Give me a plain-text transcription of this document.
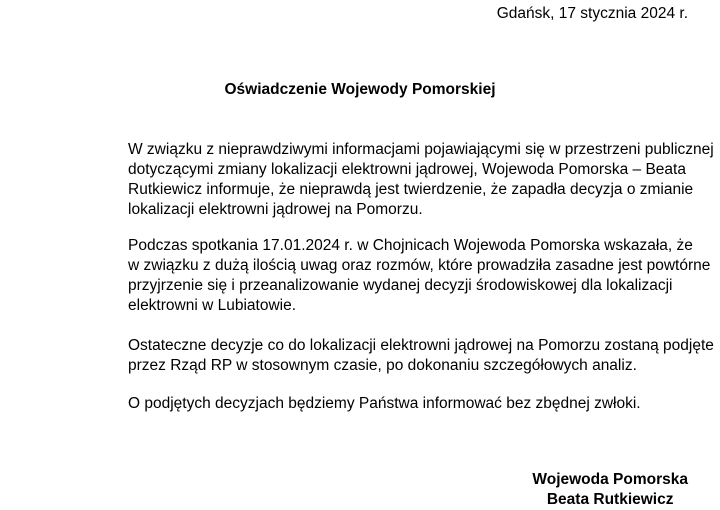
Gdańsk, 17 stycznia 2024 r.
Oświadczenie Wojewody Pomorskiej
W związku z nieprawdziwymi informacjami pojawiającymi się w przestrzeni publicznej
dotyczącymi zmiany lokalizacji elektrowni jądrowej, Wojewoda Pomorska – Beata
Rutkiewicz informuje, że nieprawdą jest twierdzenie, że zapadła decyzja o zmianie
lokalizacji elektrowni jądrowej na Pomorzu.
Podczas spotkania 17.01.2024 r. w Chojnicach Wojewoda Pomorska wskazała, że
w związku z dużą ilością uwag oraz rozmów, które prowadziła zasadne jest powtórne
przyjrzenie się i przeanalizowanie wydanej decyzji środowiskowej dla lokalizacji
elektrowni w Lubiatowie.
Ostateczne decyzje co do lokalizacji elektrowni jądrowej na Pomorzu zostaną podjęte
przez Rząd RP w stosownym czasie, po dokonaniu szczegółowych analiz.
O podjętych decyzjach będziemy Państwa informować bez zbędnej zwłoki.
Wojewoda Pomorska
Beata Rutkiewicz
